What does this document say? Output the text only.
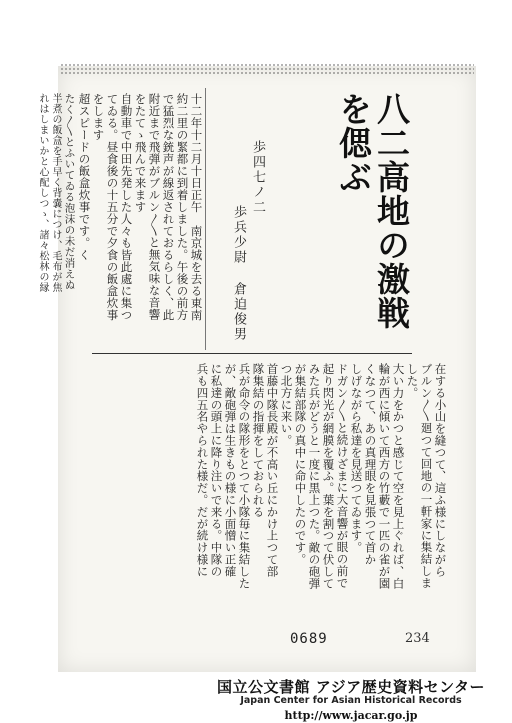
八二高地の激戦を偲ぶ
歩四七ノ二
歩兵少尉 倉迫俊男
十二年十二月十日正午　南京城を去る東南
約二里の緊都に到着しました。午後の前方
で猛烈な銃声が線返されておるらしく、此
附近まで飛弾がブルン〳〵と無気味な音響
をたてゝ飛んで来ます
自動車で中田先発した人々も皆此處に集つ
てゐる。昼食後の十五分で夕食の飯盒炊事
をします
超スピードの飯盒炊事です。く
たく〳〵とふいてゐる泡沫の未だ消えぬ
半煮の飯盒を手早く背嚢につけ、毛布が焦
れはしまいかと心配しつゝ、諸々松林の縁
在する小山を縫つて、這ふ様にしながら
ブルン〳〵廻つて回地の一軒家に集結しま
した。
大い力をかつと感じて空を見上ぐれば、白
輪が西に傾いて西方の竹藪で一匹の雀が園
くなつて、あの真理眼を見張つて首か
しげながら私達を見送つてゐます。
ドガン〳〵と続けざまに大音響が眼の前で
起り閃光が網膜を覆ふ。葉を割つて伏して
みた兵がどうと一度に黒上つた。敵の砲弾
が集結部隊の真中に命中したのです。
つ北方に来い。
首藤中隊長殿が不高い丘にかけ上つて部
隊集結の指揮をしておられる
兵が命令の隊形をとつて小隊毎に集結した
が、敵砲弾は生きもの様に小面憎い正確
に私達の頭上に降り注いで来る。中隊の
兵も四五名やられた様だ。だが続け様に
0689	234
国立公文書館 アジア歴史資料センター
Japan Center for Asian Historical Records
http://www.jacar.go.jp
